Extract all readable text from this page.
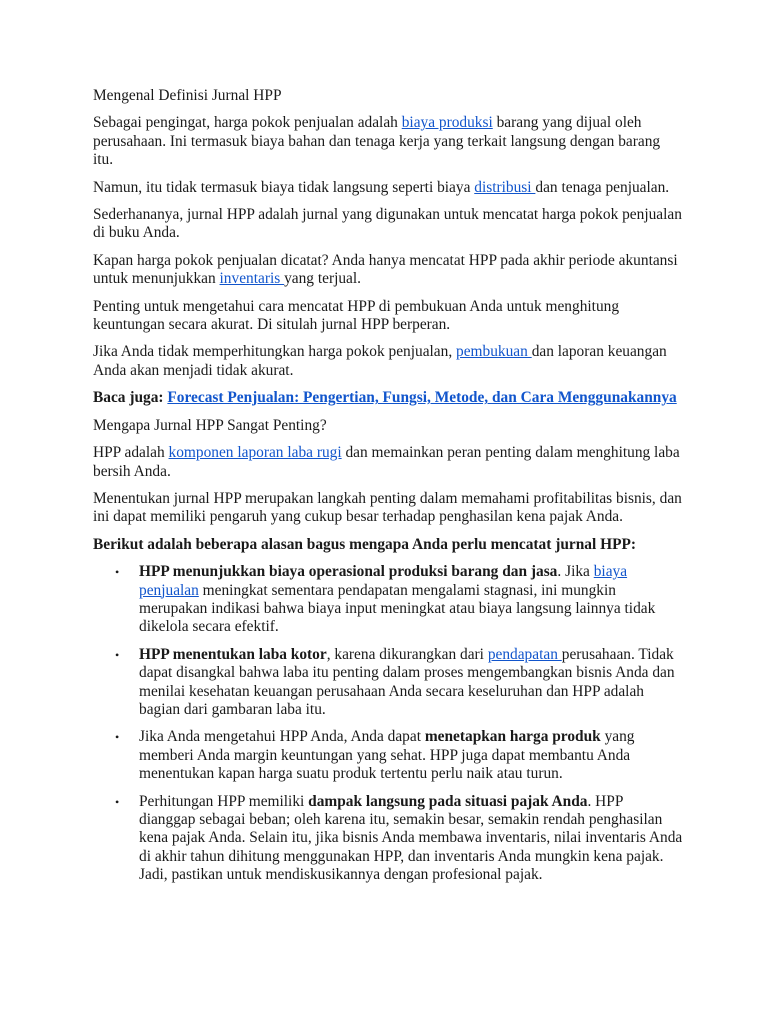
Mengenal Definisi Jurnal HPP

Sebagai pengingat, harga pokok penjualan adalah biaya produksi barang yang dijual oleh perusahaan. Ini termasuk biaya bahan dan tenaga kerja yang terkait langsung dengan barang itu.

Namun, itu tidak termasuk biaya tidak langsung seperti biaya distribusi dan tenaga penjualan.

Sederhananya, jurnal HPP adalah jurnal yang digunakan untuk mencatat harga pokok penjualan di buku Anda.

Kapan harga pokok penjualan dicatat? Anda hanya mencatat HPP pada akhir periode akuntansi untuk menunjukkan inventaris yang terjual.

Penting untuk mengetahui cara mencatat HPP di pembukuan Anda untuk menghitung keuntungan secara akurat. Di situlah jurnal HPP berperan.

Jika Anda tidak memperhitungkan harga pokok penjualan, pembukuan dan laporan keuangan Anda akan menjadi tidak akurat.

Baca juga: Forecast Penjualan: Pengertian, Fungsi, Metode, dan Cara Menggunakannya

Mengapa Jurnal HPP Sangat Penting?

HPP adalah komponen laporan laba rugi dan memainkan peran penting dalam menghitung laba bersih Anda.

Menentukan jurnal HPP merupakan langkah penting dalam memahami profitabilitas bisnis, dan ini dapat memiliki pengaruh yang cukup besar terhadap penghasilan kena pajak Anda.

Berikut adalah beberapa alasan bagus mengapa Anda perlu mencatat jurnal HPP:

• HPP menunjukkan biaya operasional produksi barang dan jasa. Jika biaya penjualan meningkat sementara pendapatan mengalami stagnasi, ini mungkin merupakan indikasi bahwa biaya input meningkat atau biaya langsung lainnya tidak dikelola secara efektif.
• HPP menentukan laba kotor, karena dikurangkan dari pendapatan perusahaan. Tidak dapat disangkal bahwa laba itu penting dalam proses mengembangkan bisnis Anda dan menilai kesehatan keuangan perusahaan Anda secara keseluruhan dan HPP adalah bagian dari gambaran laba itu.
• Jika Anda mengetahui HPP Anda, Anda dapat menetapkan harga produk yang memberi Anda margin keuntungan yang sehat. HPP juga dapat membantu Anda menentukan kapan harga suatu produk tertentu perlu naik atau turun.
• Perhitungan HPP memiliki dampak langsung pada situasi pajak Anda. HPP dianggap sebagai beban; oleh karena itu, semakin besar, semakin rendah penghasilan kena pajak Anda. Selain itu, jika bisnis Anda membawa inventaris, nilai inventaris Anda di akhir tahun dihitung menggunakan HPP, dan inventaris Anda mungkin kena pajak. Jadi, pastikan untuk mendiskusikannya dengan profesional pajak.
